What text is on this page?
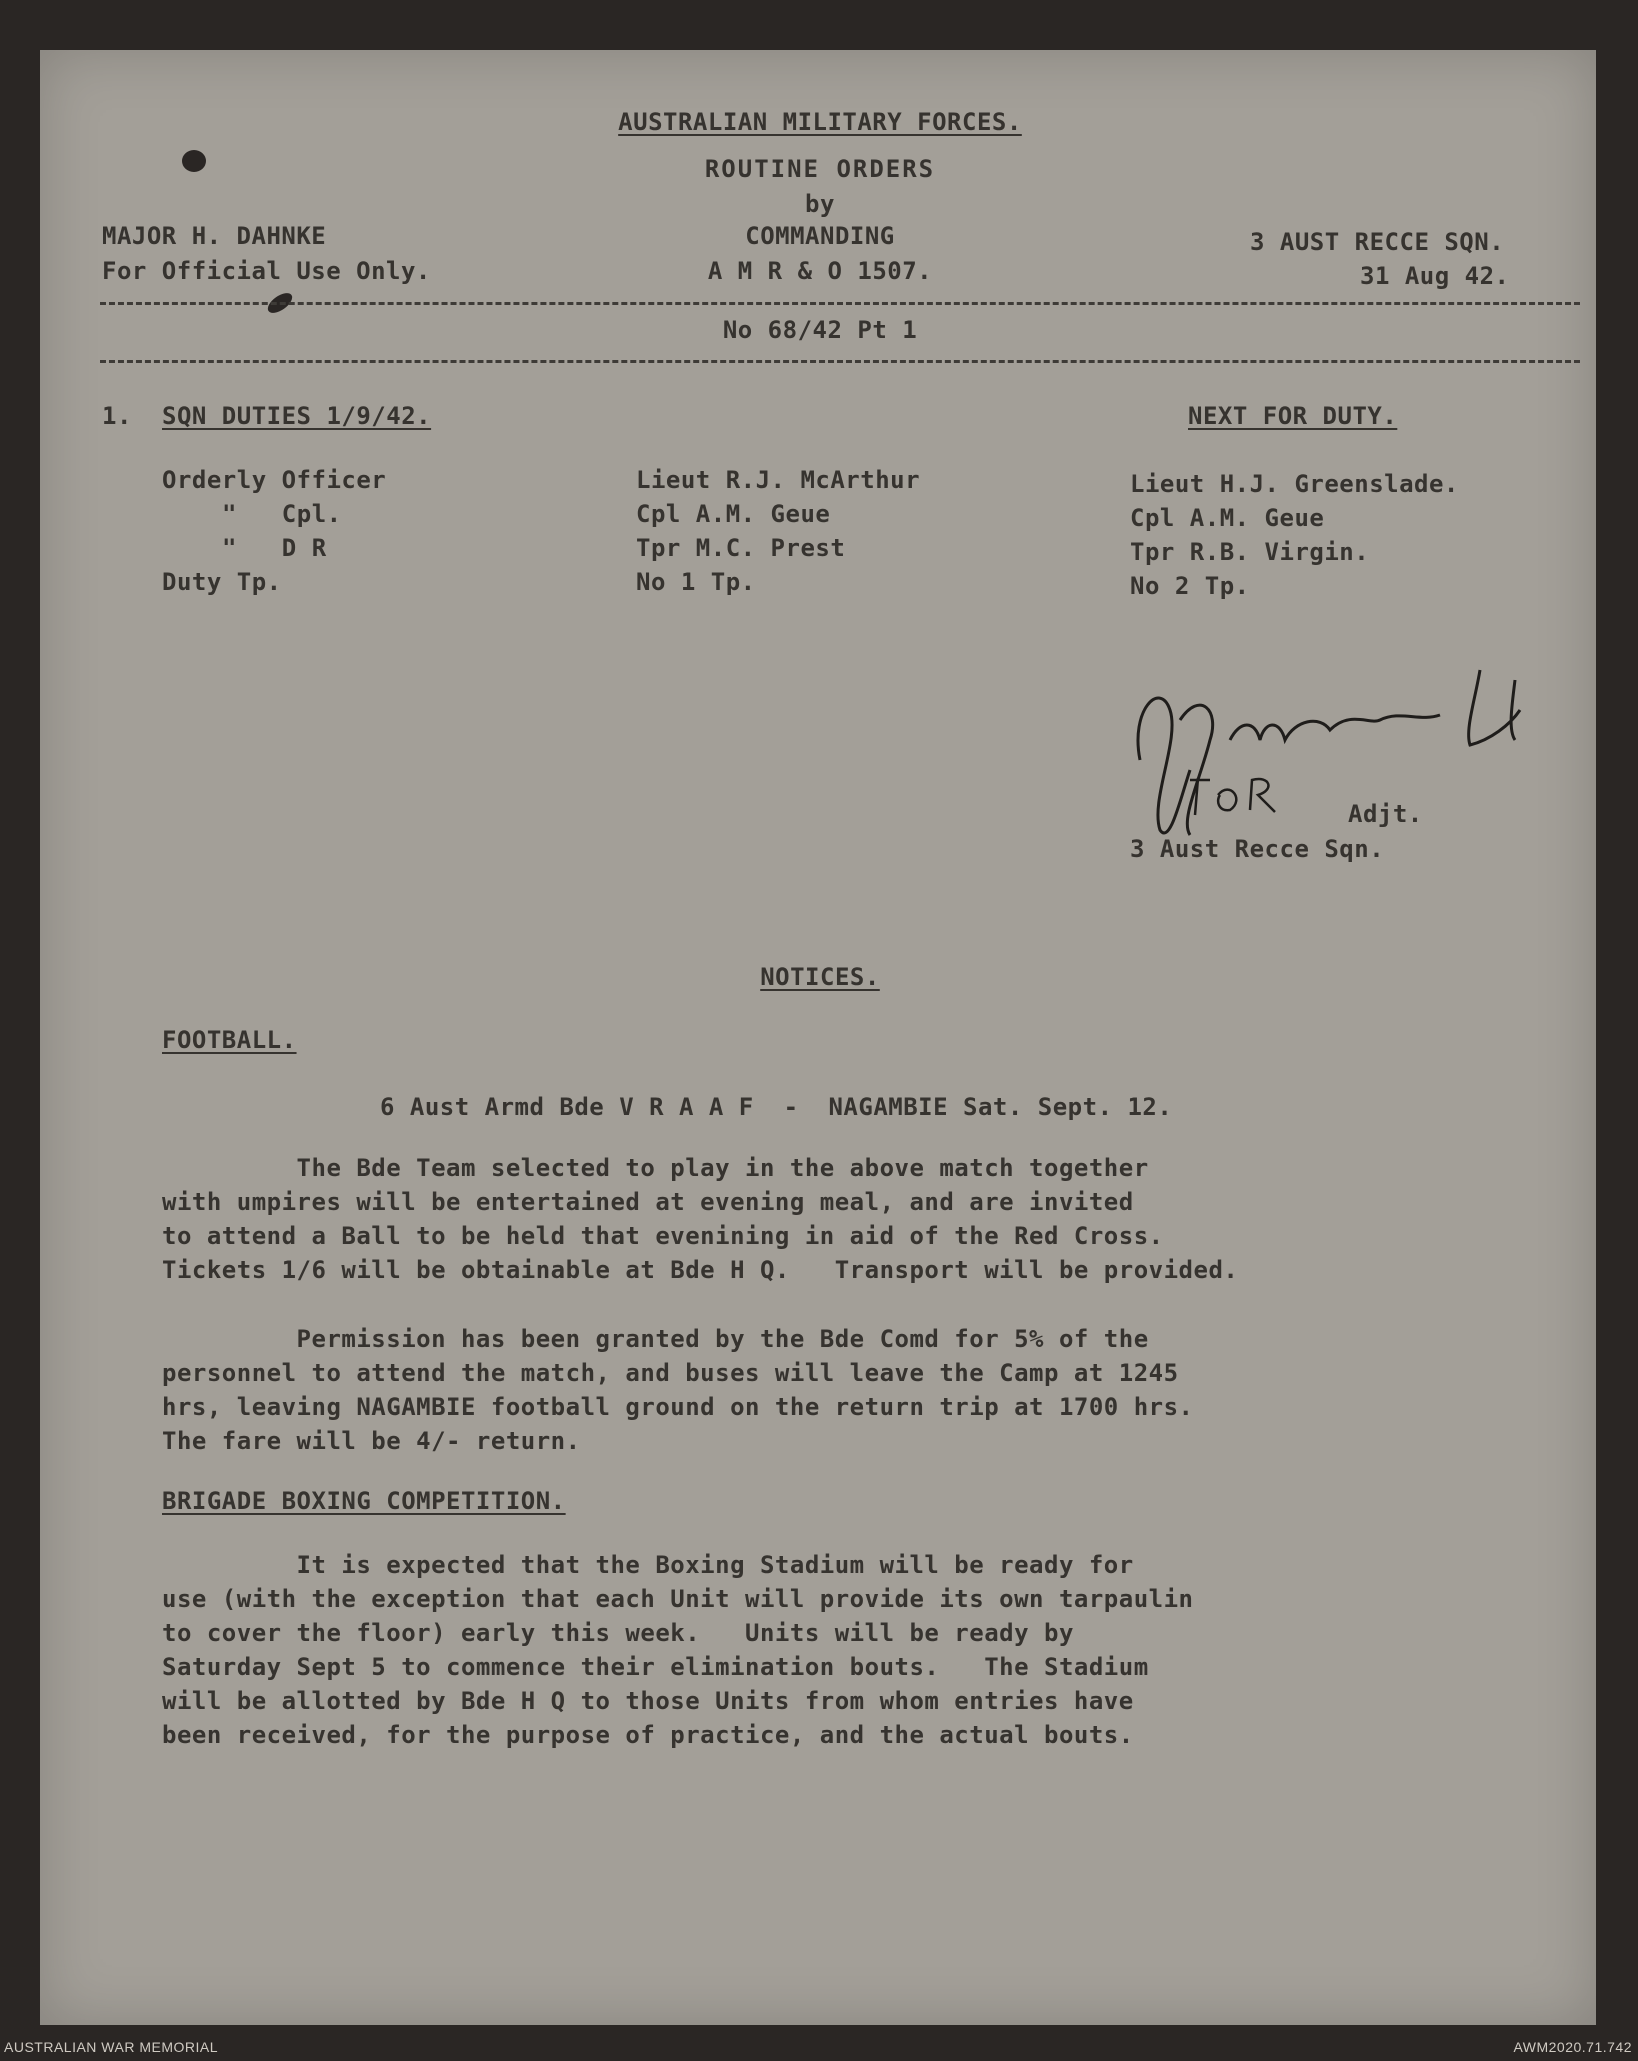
AUSTRALIAN MILITARY FORCES.
ROUTINE ORDERS
by
COMMANDING
A M R & O 1507.
MAJOR H. DAHNKE
For Official Use Only.
3 AUST RECCE SQN.
31 Aug 42.
No 68/42 Pt 1
1. SQN DUTIES 1/9/42.	NEXT FOR DUTY.
Orderly Officer
"   Cpl.
"   D R
Duty Tp.
Lieut R.J. McArthur
Cpl A.M. Geue
Tpr M.C. Prest
No 1 Tp.
Lieut H.J. Greenslade.
Cpl A.M. Geue
Tpr R.B. Virgin.
No 2 Tp.
Adjt.
3 Aust Recce Sqn.
NOTICES.
FOOTBALL.
6 Aust Armd Bde V R A A F  -  NAGAMBIE Sat. Sept. 12.
The Bde Team selected to play in the above match together
with umpires will be entertained at evening meal, and are invited
to attend a Ball to be held that evenining in aid of the Red Cross.
Tickets 1/6 will be obtainable at Bde H Q.   Transport will be provided.
Permission has been granted by the Bde Comd for 5% of the
personnel to attend the match, and buses will leave the Camp at 1245
hrs, leaving NAGAMBIE football ground on the return trip at 1700 hrs.
The fare will be 4/- return.
BRIGADE BOXING COMPETITION.
It is expected that the Boxing Stadium will be ready for
use (with the exception that each Unit will provide its own tarpaulin
to cover the floor) early this week.   Units will be ready by
Saturday Sept 5 to commence their elimination bouts.   The Stadium
will be allotted by Bde H Q to those Units from whom entries have
been received, for the purpose of practice, and the actual bouts.
AUSTRALIAN WAR MEMORIAL	AWM2020.71.742
